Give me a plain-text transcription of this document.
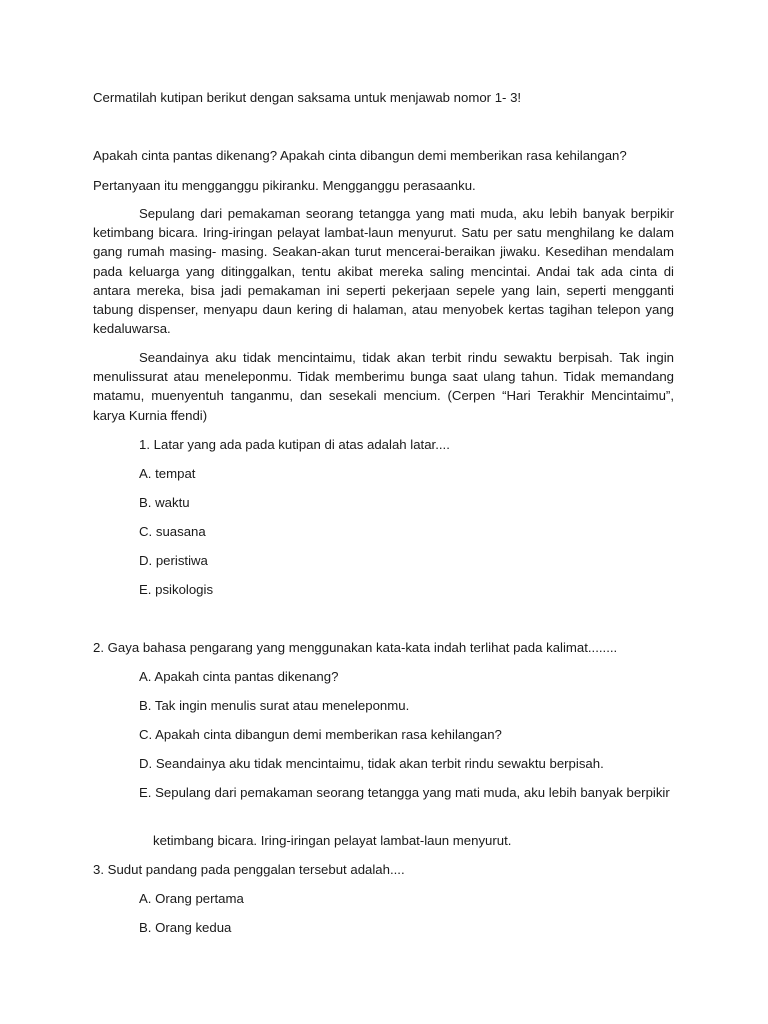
Cermatilah kutipan berikut dengan saksama untuk menjawab nomor 1- 3!

Apakah cinta pantas dikenang? Apakah cinta dibangun demi memberikan rasa kehilangan?

Pertanyaan itu mengganggu pikiranku. Mengganggu perasaanku.

Sepulang dari pemakaman seorang tetangga yang mati muda, aku lebih banyak berpikir ketimbang bicara. Iring-iringan pelayat lambat-laun menyurut. Satu per satu menghilang ke dalam gang rumah masing- masing. Seakan-akan turut mencerai-beraikan jiwaku. Kesedihan mendalam pada keluarga yang ditinggalkan, tentu akibat mereka saling mencintai. Andai tak ada cinta di antara mereka, bisa jadi pemakaman ini seperti pekerjaan sepele yang lain, seperti mengganti tabung dispenser, menyapu daun kering di halaman, atau menyobek kertas tagihan telepon yang kedaluwarsa.

Seandainya aku tidak mencintaimu, tidak akan terbit rindu sewaktu berpisah. Tak ingin menulissurat atau meneleponmu. Tidak memberimu bunga saat ulang tahun. Tidak memandang matamu, muenyentuh tanganmu, dan sesekali mencium. (Cerpen “Hari Terakhir Mencintaimu”, karya Kurnia ffendi)

1. Latar yang ada pada kutipan di atas adalah latar....

A. tempat

B. waktu

C. suasana

D. peristiwa

E. psikologis

2. Gaya bahasa pengarang yang menggunakan kata-kata indah terlihat pada kalimat........

A. Apakah cinta pantas dikenang?

B. Tak ingin menulis surat atau meneleponmu.

C. Apakah cinta dibangun demi memberikan rasa kehilangan?

D. Seandainya aku tidak mencintaimu, tidak akan terbit rindu sewaktu berpisah.

E. Sepulang dari pemakaman seorang tetangga yang mati muda, aku lebih banyak berpikir

ketimbang bicara. Iring-iringan pelayat lambat-laun menyurut.

3. Sudut pandang pada penggalan tersebut adalah....

A. Orang pertama

B. Orang kedua
